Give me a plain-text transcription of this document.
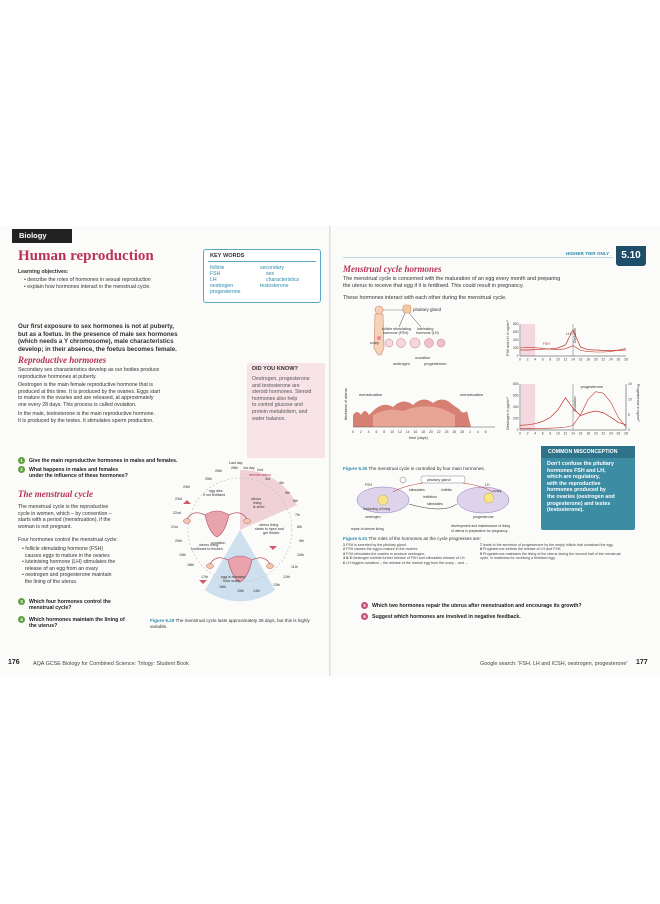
Biology
Human reproduction
Learning objectives:
• describe the roles of hormones in sexual reproduction
• explain how hormones interact in the menstrual cycle.
KEY WORDS
follicle
FSH
LH
oestrogen
progesterone
secondary
sex
characteristics
testosterone
Our first exposure to sex hormones is not at puberty,
but as a foetus. In the presence of male sex hormones
(which needs a Y chromosome), male characteristics
develop; in their absence, the foetus becomes female.
Reproductive hormones
Secondary sex characteristics develop as our bodies produce
reproductive hormones at puberty.
Oestrogen is the main female reproductive hormone that is
produced at this time. It is produced by the ovaries. Eggs start
to mature in the ovaries and are released, at approximately
one every 28 days. This process is called ovulation.
In the male, testosterone is the main reproductive hormone.
It is produced by the testes. It stimulates sperm production.
DID YOU KNOW?
Oestrogen, progesterone
and testosterone are
steroid hormones. Steroid
hormones also help
to control glucose and
protein metabolism, and
water balance.
1	Give the main reproductive hormones in males and females.
2	What happens in males and females
under the influence of these hormones?
The menstrual cycle
The menstrual cycle is the reproductive
cycle in women, which – by convention –
starts with a period (menstruation), if the
woman is not pregnant.
Four hormones control the menstrual cycle:
• follicle stimulating hormone (FSH)
causes eggs to mature in the ovaries
• luteinising hormone (LH) stimulates the
release of an egg from an ovary
• oestrogen and progesterone maintain
the lining of the uterus.
3	Which four hormones control the
menstrual cycle?
4	Which hormones maintain the lining of
the uterus?
Last day
28th 1st day 2nd
menstruation
3rd
26th
4th
25th
5th
egg dies
if not fertilised
24th
6th
uterus
lining
is shed
7th
23rd
8th
uterus lining
starts to ripen and
get thicker
22nd
9th
ovulation
uterus lining
continues to thicken
21st
10th
20th
11th
19th
12th
18th
13th
17th
14th
16th
15th
egg is released
from ovary
Figure 5.29 The menstrual cycle lasts approximately 28 days, but this is highly variable.
176 AQA GCSE Biology for Combined Science: Trilogy: Student Book
HIGHER TIER ONLY	5.10
Menstrual cycle hormones
The menstrual cycle is concerned with the maturation of an egg every month and preparing
the uterus to receive that egg if it is fertilised. This could result in pregnancy.
These hormones interact with each other during the menstrual cycle.
pituitary gland
follicle stimulating
hormone (FSH)
luteinising
hormone (LH)
ovary
ovulation
oestrogen	progesterone
thickness of uterus	menstruation	menstruation
0 2 4 6 8 10 12 14 16 18 20 22 24 26 28 2 4 6
time (days)
Ovulation
0
200
400
600
800
0 2 4 6 8 10 12 14 16 18 20 22 24 26 28
FSH and LH in ng/cm³	LH
FSH
Ovulation
0
200
400
600
800
0 2 4 6 8 10 12 14 16 18 20 22 24 26 28
Oestrogen in pg/cm³
0
5
10
15 Progesterone in ng/cm³
progesterone
Figure 5.30 The menstrual cycle is controlled by four main hormones.
COMMON MISCONCEPTION
Don't confuse the pituitary
hormones FSH and LH,
which are regulatory,
with the reproductive
hormones produced by
the ovaries (oestrogen and
progesterone) and testes
(testosterone).
pituitary gland
FSH
stimulates	inhibits
LH
inhibition
ovary
stimulates
oestrogen
thickening of lining
progesterone
repair of uterine lining
development and maintenance of lining
of uterus in preparation for pregnancy
Figure 5.31 The roles of the hormones as the cycle progresses are:
1 FSH is secreted by the pituitary gland.
2 FSH causes the egg to mature in the ovaries.
3 FSH stimulates the ovaries to produce oestrogen.
4 & 5 Oestrogen inhibits further release of FSH and stimulates release of LH.
6 LH triggers ovulation – the release of the mature egg from the ovary – and ...
7 leads to the secretion of progesterone by the empty follicle that contained the egg.
8 Progesterone inhibits the release of LH and FSH.
9 Progesterone maintains the lining of the uterus during the second half of the menstrual cycle, in readiness for receiving a fertilised egg.
5	Which two hormones repair the uterus after menstruation and encourage its growth?
6	Suggest which hormones are involved in negative feedback.
Google search: 'FSH, LH and ICSH, oestrogen, progesterone' 177
